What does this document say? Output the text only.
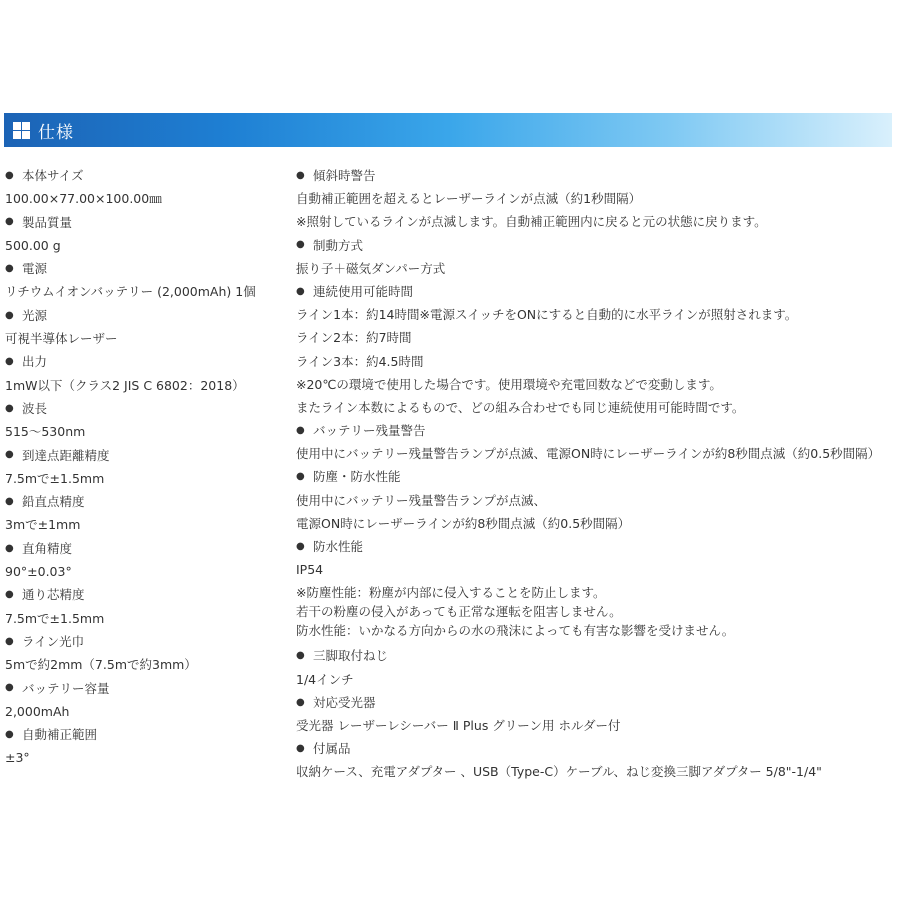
仕様
● 本体サイズ
100.00×77.00×100.00㎜
● 製品質量
500.00 g
● 電源
リチウムイオンバッテリー (2,000mAh) 1個
● 光源
可視半導体レーザー
● 出力
1mW以下（クラス2 JIS C 6802：2018）
● 波長
515～530nm
● 到達点距離精度
7.5mで±1.5mm
● 鉛直点精度
3mで±1mm
● 直角精度
90°±0.03°
● 通り芯精度
7.5mで±1.5mm
● ライン光巾
5mで約2mm（7.5mで約3mm）
● バッテリー容量
2,000mAh
● 自動補正範囲
±3°
● 傾斜時警告
自動補正範囲を超えるとレーザーラインが点滅（約1秒間隔）
※照射しているラインが点滅します。自動補正範囲内に戻ると元の状態に戻ります。
● 制動方式
振り子＋磁気ダンパー方式
● 連続使用可能時間
ライン1本：約14時間※電源スイッチをONにすると自動的に水平ラインが照射されます。
ライン2本：約7時間
ライン3本：約4.5時間
※20℃の環境で使用した場合です。使用環境や充電回数などで変動します。
またライン本数によるもので、どの組み合わせでも同じ連続使用可能時間です。
● バッテリー残量警告
使用中にバッテリー残量警告ランプが点滅、電源ON時にレーザーラインが約8秒間点滅（約0.5秒間隔）
● 防塵・防水性能
使用中にバッテリー残量警告ランプが点滅、
電源ON時にレーザーラインが約8秒間点滅（約0.5秒間隔）
● 防水性能
IP54
※防塵性能：粉塵が内部に侵入することを防止します。
若干の粉塵の侵入があっても正常な運転を阻害しません。
防水性能：いかなる方向からの水の飛沫によっても有害な影響を受けません。
● 三脚取付ねじ
1/4インチ
● 対応受光器
受光器 レーザーレシーバー Ⅱ Plus グリーン用 ホルダー付
● 付属品
収納ケース、充電アダプター 、USB（Type-C）ケーブル、ねじ変換三脚アダプター 5/8"-1/4"
